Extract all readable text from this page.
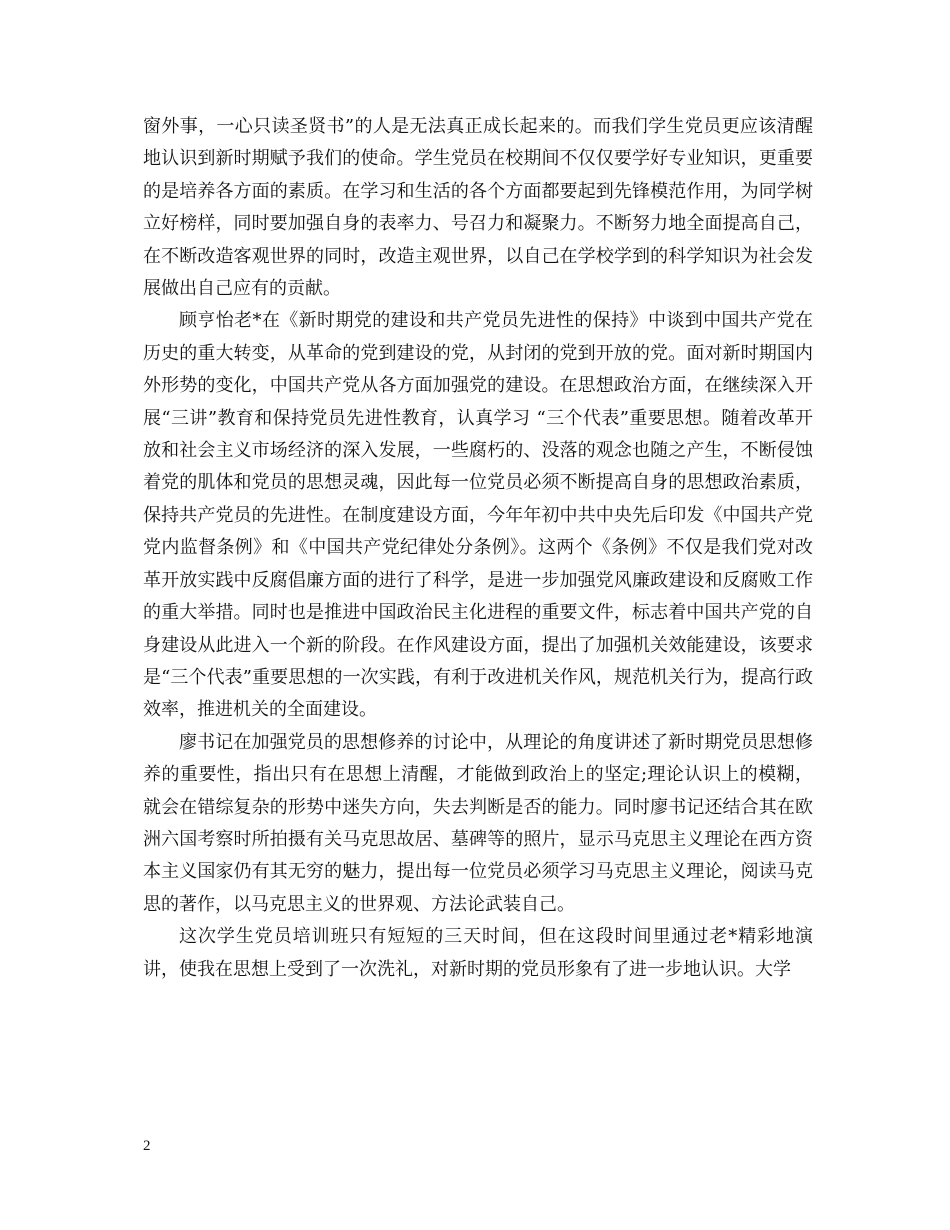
窗外事，一心只读圣贤书”的人是无法真正成长起来的。而我们学生党员更应该清醒地认识到新时期赋予我们的使命。学生党员在校期间不仅仅要学好专业知识，更重要的是培养各方面的素质。在学习和生活的各个方面都要起到先锋模范作用，为同学树立好榜样，同时要加强自身的表率力、号召力和凝聚力。不断努力地全面提高自己，在不断改造客观世界的同时，改造主观世界，以自己在学校学到的科学知识为社会发展做出自己应有的贡献。

顾亨怡老*在《新时期党的建设和共产党员先进性的保持》中谈到中国共产党在历史的重大转变，从革命的党到建设的党，从封闭的党到开放的党。面对新时期国内外形势的变化，中国共产党从各方面加强党的建设。在思想政治方面，在继续深入开展“三讲”教育和保持党员先进性教育，认真学习 “三个代表”重要思想。随着改革开放和社会主义市场经济的深入发展，一些腐朽的、没落的观念也随之产生，不断侵蚀着党的肌体和党员的思想灵魂，因此每一位党员必须不断提高自身的思想政治素质，保持共产党员的先进性。在制度建设方面，今年年初中共中央先后印发《中国共产党党内监督条例》和《中国共产党纪律处分条例》。这两个《条例》不仅是我们党对改革开放实践中反腐倡廉方面的进行了科学，是进一步加强党风廉政建设和反腐败工作的重大举措。同时也是推进中国政治民主化进程的重要文件，标志着中国共产党的自身建设从此进入一个新的阶段。在作风建设方面，提出了加强机关效能建设，该要求是“三个代表”重要思想的一次实践，有利于改进机关作风，规范机关行为，提高行政效率，推进机关的全面建设。

廖书记在加强党员的思想修养的讨论中，从理论的角度讲述了新时期党员思想修养的重要性，指出只有在思想上清醒，才能做到政治上的坚定;理论认识上的模糊，就会在错综复杂的形势中迷失方向，失去判断是否的能力。同时廖书记还结合其在欧洲六国考察时所拍摄有关马克思故居、墓碑等的照片，显示马克思主义理论在西方资本主义国家仍有其无穷的魅力，提出每一位党员必须学习马克思主义理论，阅读马克思的著作，以马克思主义的世界观、方法论武装自己。

这次学生党员培训班只有短短的三天时间，但在这段时间里通过老*精彩地演讲，使我在思想上受到了一次洗礼，对新时期的党员形象有了进一步地认识。大学

2
